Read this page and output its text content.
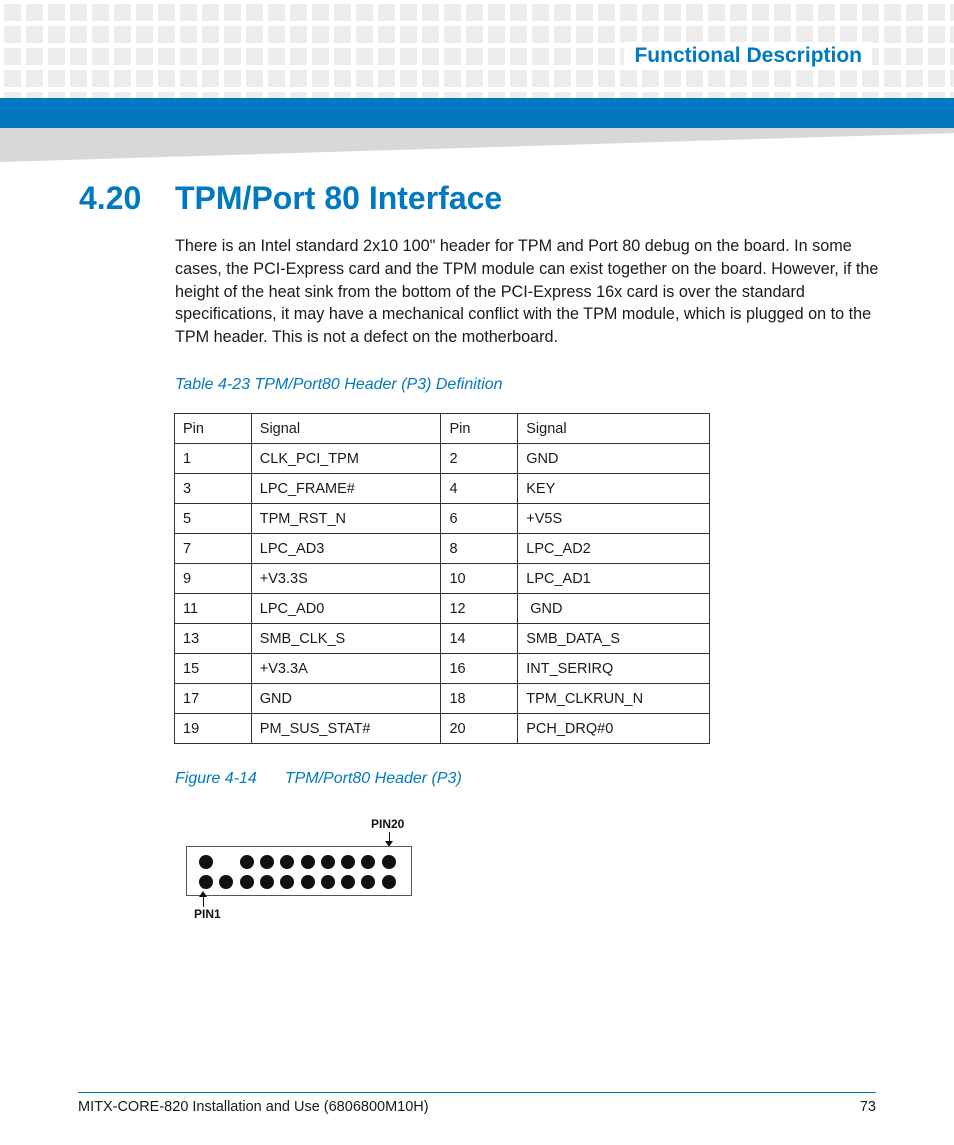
Functional Description
4.20 TPM/Port 80 Interface
There is an Intel standard 2x10 100" header for TPM and Port 80 debug on the board. In some cases, the PCI-Express card and the TPM module can exist together on the board. However, if the height of the heat sink from the bottom of the PCI-Express 16x card is over the standard specifications, it may have a mechanical conflict with the TPM module, which is plugged on to the TPM header. This is not a defect on the motherboard.
Table 4-23 TPM/Port80 Header (P3) Definition
Pin	Signal	Pin	Signal
1	CLK_PCI_TPM	2	GND
3	LPC_FRAME#	4	KEY
5	TPM_RST_N	6	+V5S
7	LPC_AD3	8	LPC_AD2
9	+V3.3S	10	LPC_AD1
11	LPC_AD0	12	GND
13	SMB_CLK_S	14	SMB_DATA_S
15	+V3.3A	16	INT_SERIRQ
17	GND	18	TPM_CLKRUN_N
19	PM_SUS_STAT#	20	PCH_DRQ#0
Figure 4-14 TPM/Port80 Header (P3)
PIN20
PIN1
MITX-CORE-820 Installation and Use (6806800M10H)	73
